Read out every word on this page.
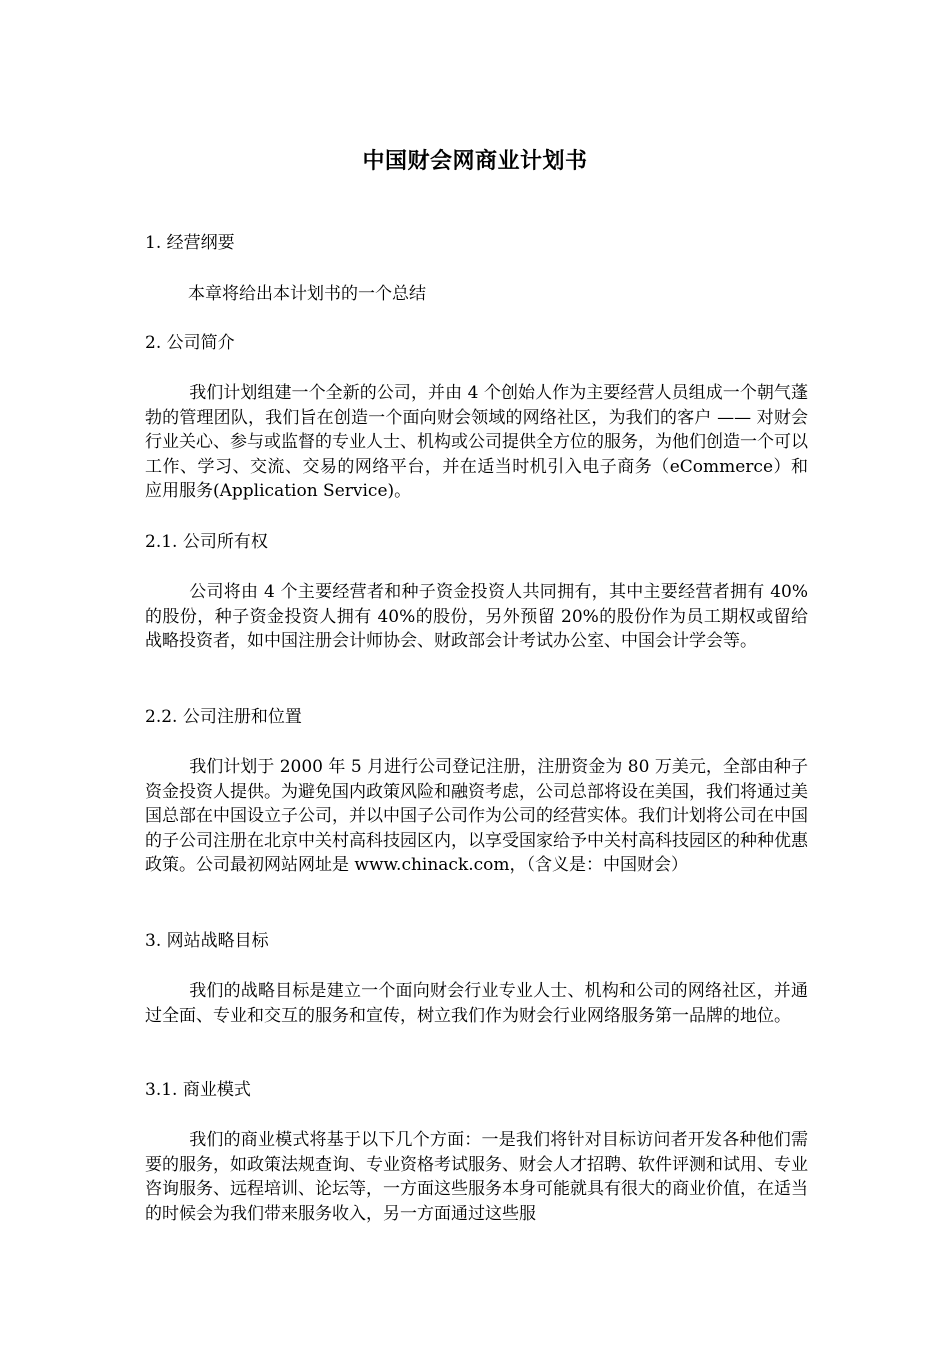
中国财会网商业计划书
1. 经营纲要
本章将给出本计划书的一个总结
2. 公司简介
我们计划组建一个全新的公司，并由 4 个创始人作为主要经营人员组成一个朝气蓬勃的管理团队，我们旨在创造一个面向财会领域的网络社区，为我们的客户 —— 对财会行业关心、参与或监督的专业人士、机构或公司提供全方位的服务，为他们创造一个可以工作、学习、交流、交易的网络平台，并在适当时机引入电子商务（eCommerce）和应用服务(Application Service)。
2.1. 公司所有权
公司将由 4 个主要经营者和种子资金投资人共同拥有，其中主要经营者拥有 40%的股份，种子资金投资人拥有 40%的股份，另外预留 20%的股份作为员工期权或留给战略投资者，如中国注册会计师协会、财政部会计考试办公室、中国会计学会等。
2.2. 公司注册和位置
我们计划于 2000 年 5 月进行公司登记注册，注册资金为 80 万美元，全部由种子资金投资人提供。为避免国内政策风险和融资考虑，公司总部将设在美国，我们将通过美国总部在中国设立子公司，并以中国子公司作为公司的经营实体。我们计划将公司在中国的子公司注册在北京中关村高科技园区内，以享受国家给予中关村高科技园区的种种优惠政策。公司最初网站网址是 www.chinack.com，（含义是：中国财会）
3. 网站战略目标
我们的战略目标是建立一个面向财会行业专业人士、机构和公司的网络社区，并通过全面、专业和交互的服务和宣传，树立我们作为财会行业网络服务第一品牌的地位。
3.1. 商业模式
我们的商业模式将基于以下几个方面：一是我们将针对目标访问者开发各种他们需要的服务，如政策法规查询、专业资格考试服务、财会人才招聘、软件评测和试用、专业咨询服务、远程培训、论坛等，一方面这些服务本身可能就具有很大的商业价值，在适当的时候会为我们带来服务收入，另一方面通过这些服
